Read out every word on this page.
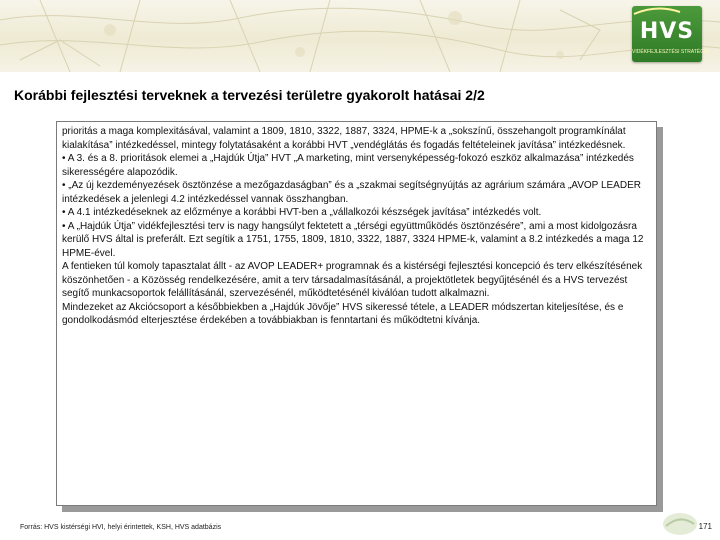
HVS
VIDÉKFEJLESZTÉSI STRATÉGIA
Korábbi fejlesztési terveknek a tervezési területre gyakorolt hatásai 2/2

prioritás a maga komplexitásával, valamint a 1809, 1810, 3322, 1887, 3324, HPME-k a „sokszínű, összehangolt programkínálat kialakítása” intézkedéssel, mintegy folytatásaként a korábbi HVT „vendéglátás és fogadás feltételeinek javítása” intézkedésnek.

• A 3. és a 8. prioritások elemei a „Hajdúk Útja” HVT „A marketing, mint versenyképesség-fokozó eszköz alkalmazása” intézkedés sikerességére alapozódik.

• „Az új kezdeményezések ösztönzése a mezőgazdaságban” és a „szakmai segítségnyújtás az agrárium számára „AVOP LEADER intézkedések a jelenlegi 4.2 intézkedéssel vannak összhangban.

• A 4.1 intézkedéseknek az előzménye a korábbi HVT-ben a „vállalkozói készségek javítása” intézkedés volt.

• A „Hajdúk Útja” vidékfejlesztési terv is nagy hangsúlyt fektetett a „térségi együttműködés ösztönzésére”, ami a most kidolgozásra kerülő HVS által is preferált. Ezt segítik a 1751, 1755, 1809, 1810, 3322, 1887, 3324 HPME-k, valamint a 8.2 intézkedés a maga 12 HPME-ével.

A fentieken túl komoly tapasztalat állt - az AVOP LEADER+ programnak és a kistérségi fejlesztési koncepció és terv elkészítésének köszönhetően - a Közösség rendelkezésére, amit a terv társadalmasításánál, a projektötletek begyűjtésénél és a HVS tervezést segítő munkacsoportok felállításánál, szervezésénél, működtetésénél kiválóan tudott alkalmazni.

Mindezeket az Akciócsoport a későbbiekben a „Hajdúk Jövője” HVS sikeressé tétele, a LEADER módszertan kiteljesítése, és e gondolkodásmód elterjesztése érdekében a továbbiakban is fenntartani és működtetni kívánja.

Forrás: HVS kistérségi HVI, helyi érintettek, KSH, HVS adatbázis	171
